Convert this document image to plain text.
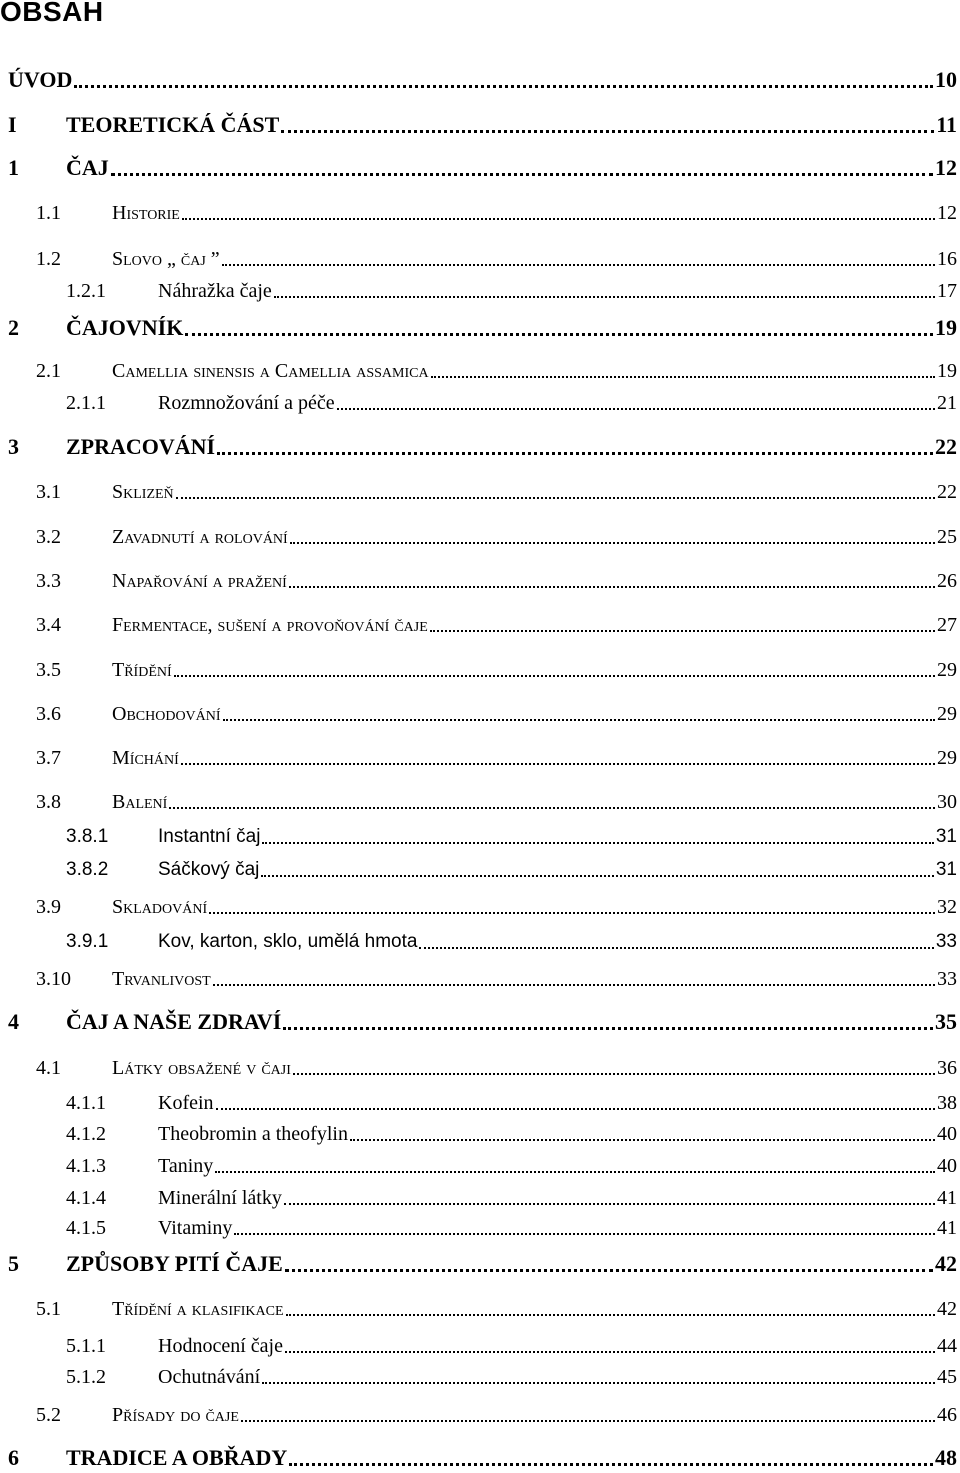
OBSAH
ÚVOD	10
I	TEORETICKÁ ČÁST	11
1	ČAJ	12
1.1	Historie	12
1.2	Slovo „ čaj ”	16
1.2.1	Náhražka čaje	17
2	ČAJOVNÍK	19
2.1	Camellia sinensis a Camellia assamica	19
2.1.1	Rozmnožování a péče	21
3	ZPRACOVÁNÍ	22
3.1	Sklizeň	22
3.2	Zavadnutí a rolování	25
3.3	Napařování a pražení	26
3.4	Fermentace, sušení a provoňování čaje	27
3.5	Třídění	29
3.6	Obchodování	29
3.7	Míchání	29
3.8	Balení	30
3.8.1	Instantní čaj	31
3.8.2	Sáčkový čaj	31
3.9	Skladování	32
3.9.1	Kov, karton, sklo, umělá hmota	33
3.10	Trvanlivost	33
4	ČAJ A NAŠE ZDRAVÍ	35
4.1	Látky obsažené v čaji	36
4.1.1	Kofein	38
4.1.2	Theobromin a theofylin	40
4.1.3	Taniny	40
4.1.4	Minerální látky	41
4.1.5	Vitaminy	41
5	ZPŮSOBY PITÍ ČAJE	42
5.1	Třídění a klasifikace	42
5.1.1	Hodnocení čaje	44
5.1.2	Ochutnávání	45
5.2	Přísady do čaje	46
6	TRADICE A OBŘADY	48
